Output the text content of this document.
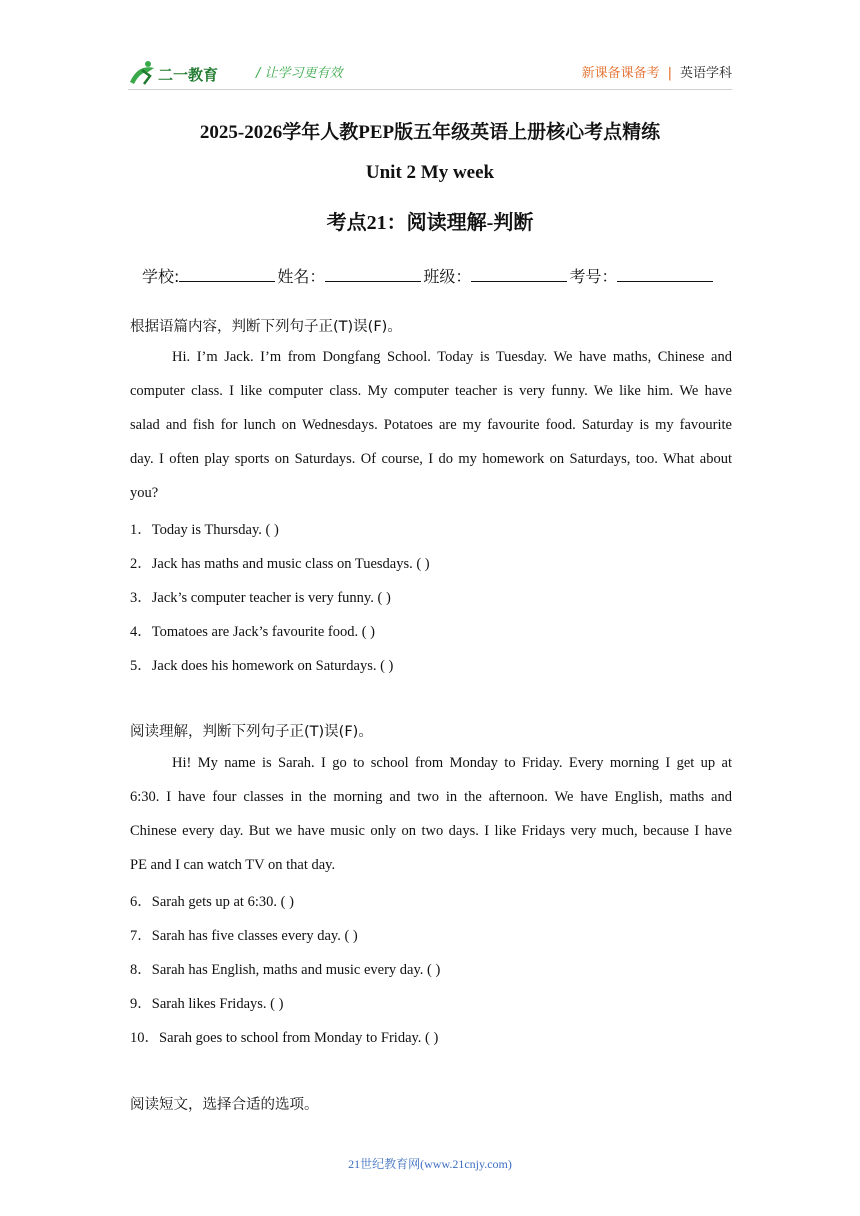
二一教育	/ 让学习更有效	新课备课备考 | 英语学科
2025-2026学年人教PEP版五年级英语上册核心考点精练
Unit 2 My week
考点21：阅读理解-判断
学校:	姓名：	班级：	考号：
根据语篇内容，判断下列句子正(T)误(F)。
Hi. I’m Jack. I’m from Dongfang School. Today is Tuesday. We have maths, Chinese and
computer class. I like computer class. My computer teacher is very funny. We like him. We have
salad and fish for lunch on Wednesdays. Potatoes are my favourite food. Saturday is my favourite
day. I often play sports on Saturdays. Of course, I do my homework on Saturdays, too. What about
you?
1．Today is Thursday. ( )
2．Jack has maths and music class on Tuesdays. ( )
3．Jack’s computer teacher is very funny. ( )
4．Tomatoes are Jack’s favourite food. ( )
5．Jack does his homework on Saturdays. ( )
阅读理解，判断下列句子正(T)误(F)。
Hi! My name is Sarah. I go to school from Monday to Friday. Every morning I get up at
6:30. I have four classes in the morning and two in the afternoon. We have English, maths and
Chinese every day. But we have music only on two days. I like Fridays very much, because I have
PE and I can watch TV on that day.
6．Sarah gets up at 6:30. ( )
7．Sarah has five classes every day. ( )
8．Sarah has English, maths and music every day. ( )
9．Sarah likes Fridays. ( )
10．Sarah goes to school from Monday to Friday. ( )
阅读短文，选择合适的选项。
21世纪教育网(www.21cnjy.com)
